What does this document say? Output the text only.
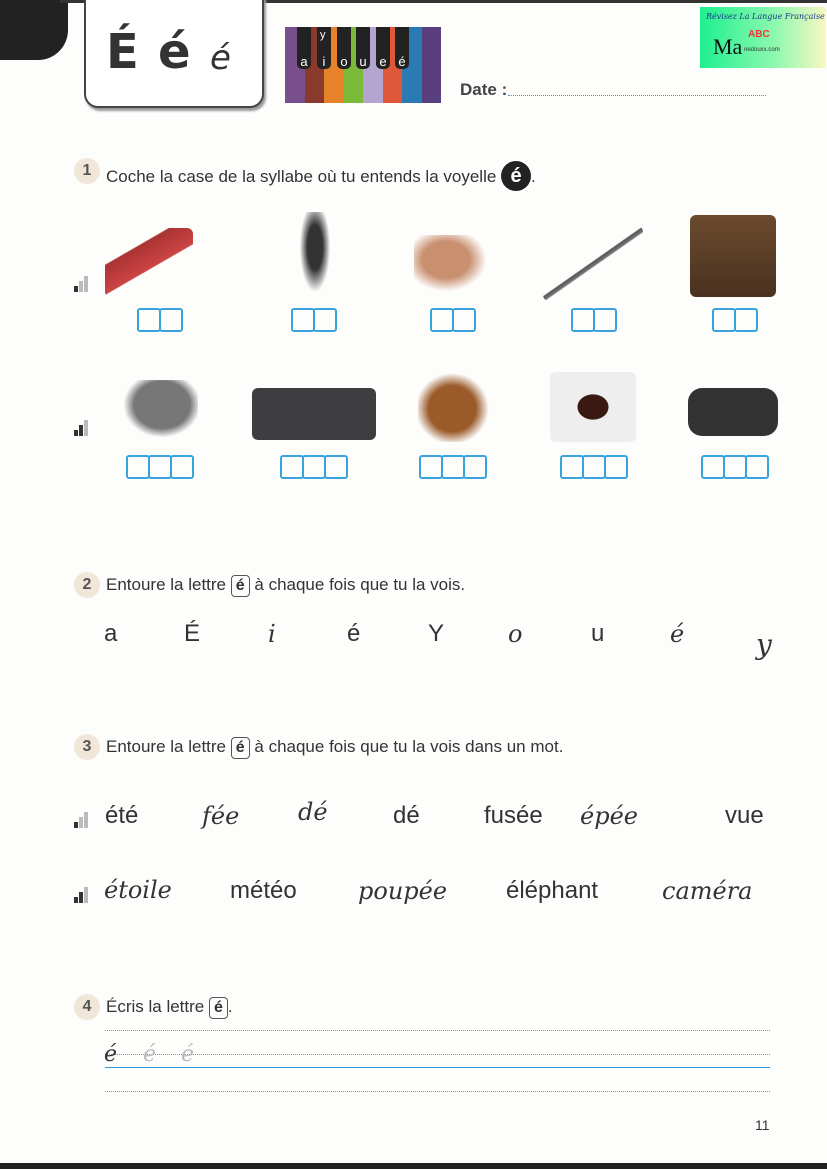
É é é	a	i
y
o u e é
Date :
Révisez La Langue Française
Ma ABC
nedouxx.com
1 Coche la case de la syllabe où tu entends la voyelle é .
2 Entoure la lettre é à chaque fois que tu la vois.
a	É	i	é	Y	o	u	é	y
3 Entoure la lettre é à chaque fois que tu la vois dans un mot.
été	fée dé	dé	fusée épée	vue
étoile météo	poupée éléphant	caméra
4 Écris la lettre é .
é é é
11
